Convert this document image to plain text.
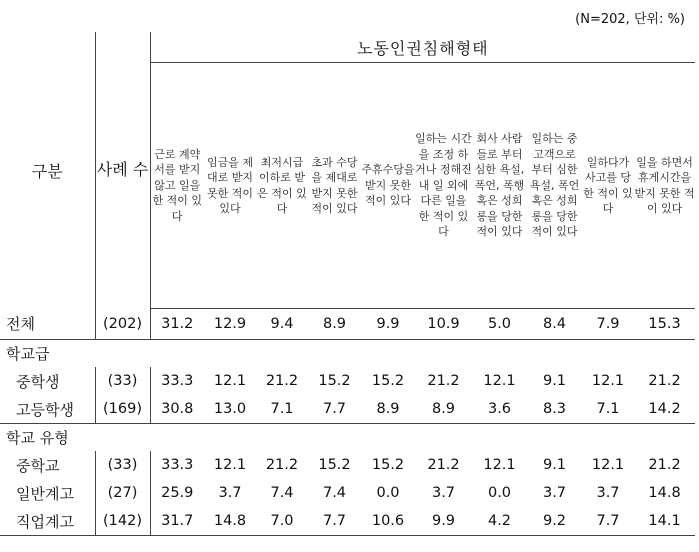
(N=202, 단위: %)
구분	사례 수	노동인권침해형태									
		근로 계약서를 받지 않고 일을 한 적이 있다	임금을 제대로 받지 못한 적이 있다	최저시급 이하로 받은 적이 있다	초과 수당을 제대로 받지 못한 적이 있다	주휴수당을 받지 못한 적이 있다	일하는 시간을 조정 하거나 정해진 내 일 외에 다른 일을 한 적이 있다	회사 사람들로 부터 심한 욕설, 폭언, 폭행 혹은 성희롱을 당한 적이 있다	일하는 중 고객으로 부터 심한 욕설, 폭언 혹은 성희롱을 당한 적이 있다	일하다가 사고를 당한 적이 있다	일을 하면서 휴게시간을 받지 못한 적이 있다
전체	(202)	31.2	12.9	9.4	8.9	9.9	10.9	5.0	8.4	7.9	15.3
학교급											
중학생	(33)	33.3	12.1	21.2	15.2	15.2	21.2	12.1	9.1	12.1	21.2
고등학생	(169)	30.8	13.0	7.1	7.7	8.9	8.9	3.6	8.3	7.1	14.2
학교 유형											
중학교	(33)	33.3	12.1	21.2	15.2	15.2	21.2	12.1	9.1	12.1	21.2
일반계고	(27)	25.9	3.7	7.4	7.4	0.0	3.7	0.0	3.7	3.7	14.8
직업계고	(142)	31.7	14.8	7.0	7.7	10.6	9.9	4.2	9.2	7.7	14.1
